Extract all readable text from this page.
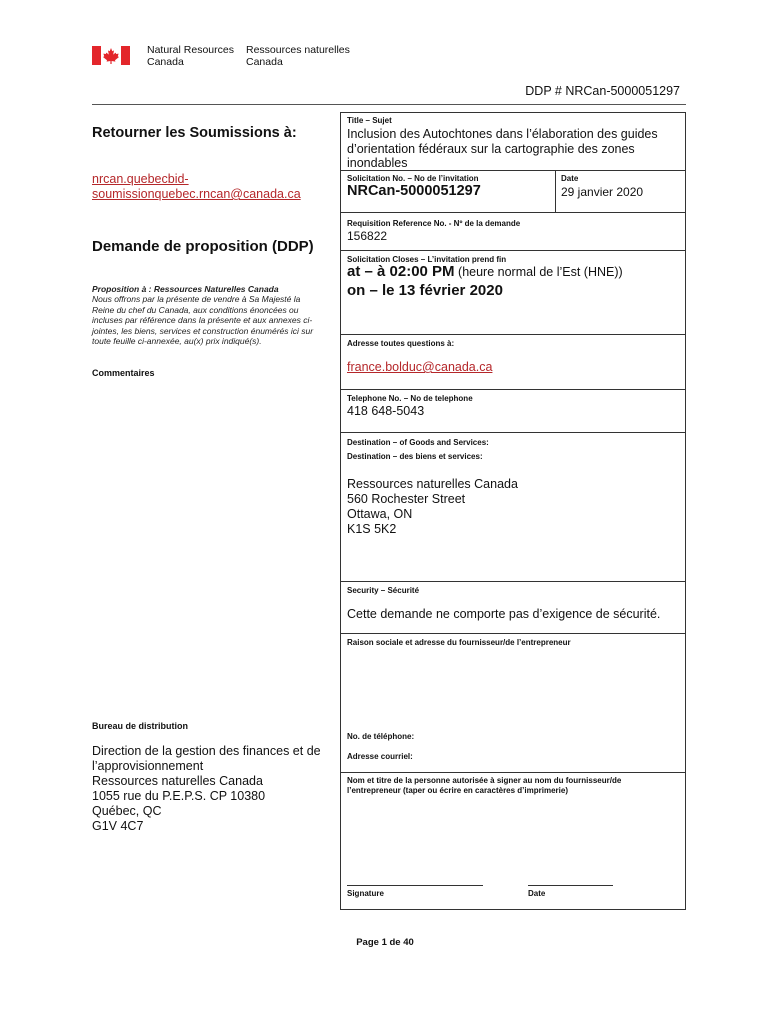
Natural Resources
Canada
Ressources naturelles
Canada
DDP # NRCan-5000051297
Retourner les Soumissions à:
nrcan.quebecbid-
soumissionquebec.rncan@canada.ca
Demande de proposition (DDP)
Proposition à : Ressources Naturelles Canada
Nous offrons par la présente de vendre à Sa Majesté la Reine du chef du Canada, aux conditions énoncées ou incluses par référence dans la présente et aux annexes ci-jointes, les biens, services et construction énumérés ici sur toute feuille ci-annexée, au(x) prix indiqué(s).
Commentaires
Bureau de distribution
Direction de la gestion des finances et de
l’approvisionnement
Ressources naturelles Canada
1055 rue du P.E.P.S. CP 10380
Québec, QC
G1V 4C7
Title – Sujet
Inclusion des Autochtones dans l’élaboration des guides d’orientation fédéraux sur la cartographie des zones inondables
Solicitation No. – No de l’invitation
NRCan-5000051297
Date
29 janvier 2020
Requisition Reference No. - Nº de la demande
156822
Solicitation Closes – L’invitation prend fin
at – à 02:00 PM (heure normal de l’Est (HNE))
on – le 13 février 2020
Adresse toutes questions à:
france.bolduc@canada.ca
Telephone No. – No de telephone
418 648-5043
Destination – of Goods and Services:
Destination – des biens et services:
Ressources naturelles Canada
560 Rochester Street
Ottawa, ON
K1S 5K2
Security – Sécurité
Cette demande ne comporte pas d’exigence de sécurité.
Raison sociale et adresse du fournisseur/de l’entrepreneur
No. de téléphone:
Adresse courriel:
Nom et titre de la personne autorisée à signer au nom du fournisseur/de
l’entrepreneur (taper ou écrire en caractères d’imprimerie)
Signature	Date
Page 1 de 40
